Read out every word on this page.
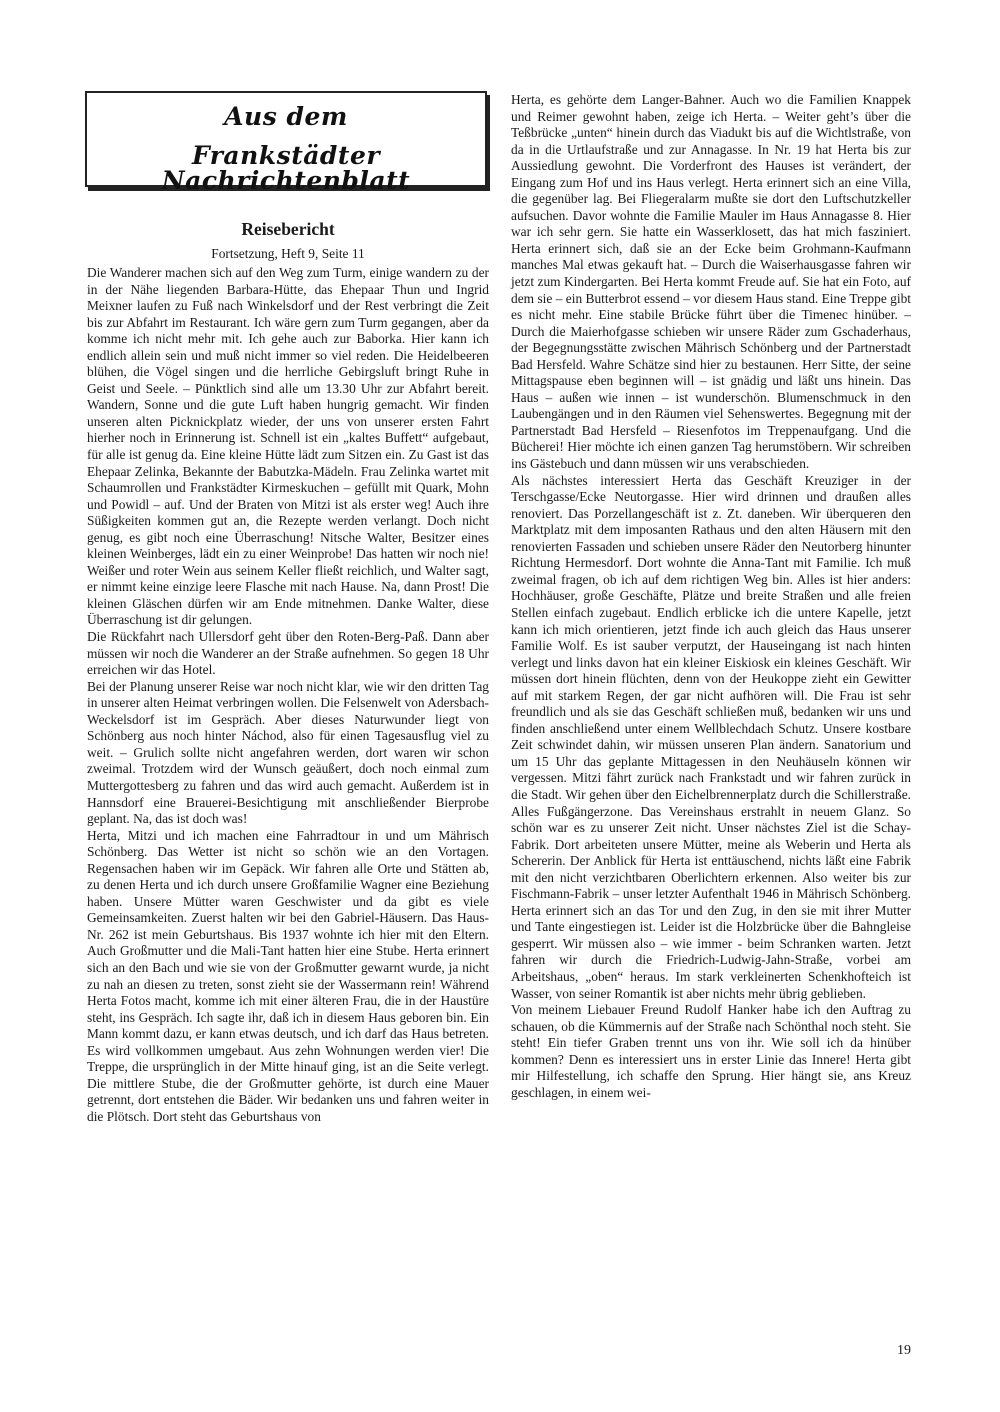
Aus dem
Frankstädter Nachrichtenblatt
Reisebericht
Fortsetzung, Heft 9, Seite 11

Die Wanderer machen sich auf den Weg zum Turm, einige wandern zu der in der Nähe liegenden Barbara-Hütte, das Ehepaar Thun und Ingrid Meixner laufen zu Fuß nach Winkelsdorf und der Rest verbringt die Zeit bis zur Abfahrt im Restaurant. Ich wäre gern zum Turm gegangen, aber da komme ich nicht mehr mit. Ich gehe auch zur Baborka. Hier kann ich endlich allein sein und muß nicht immer so viel reden. Die Heidelbeeren blühen, die Vögel singen und die herrliche Gebirgsluft bringt Ruhe in Geist und Seele. – Pünktlich sind alle um 13.30 Uhr zur Abfahrt bereit. Wandern, Sonne und die gute Luft haben hungrig gemacht. Wir finden unseren alten Picknickplatz wieder, der uns von unserer ersten Fahrt hierher noch in Erinnerung ist. Schnell ist ein „kaltes Buffett“ aufgebaut, für alle ist genug da. Eine kleine Hütte lädt zum Sitzen ein. Zu Gast ist das Ehepaar Zelinka, Bekannte der Babutzka-Mädeln. Frau Zelinka wartet mit Schaumrollen und Frankstädter Kirmeskuchen – gefüllt mit Quark, Mohn und Powidl – auf. Und der Braten von Mitzi ist als erster weg! Auch ihre Süßigkeiten kommen gut an, die Rezepte werden verlangt. Doch nicht genug, es gibt noch eine Überraschung! Nitsche Walter, Besitzer eines kleinen Weinberges, lädt ein zu einer Weinprobe! Das hatten wir noch nie! Weißer und roter Wein aus seinem Keller fließt reichlich, und Walter sagt, er nimmt keine einzige leere Flasche mit nach Hause. Na, dann Prost! Die kleinen Gläschen dürfen wir am Ende mitnehmen. Danke Walter, diese Überraschung ist dir gelungen.

Die Rückfahrt nach Ullersdorf geht über den Roten-Berg-Paß. Dann aber müssen wir noch die Wanderer an der Straße aufnehmen. So gegen 18 Uhr erreichen wir das Hotel.

Bei der Planung unserer Reise war noch nicht klar, wie wir den dritten Tag in unserer alten Heimat verbringen wollen. Die Felsenwelt von Adersbach-Weckelsdorf ist im Gespräch. Aber dieses Naturwunder liegt von Schönberg aus noch hinter Náchod, also für einen Tagesausflug viel zu weit. – Grulich sollte nicht angefahren werden, dort waren wir schon zweimal. Trotzdem wird der Wunsch geäußert, doch noch einmal zum Muttergottesberg zu fahren und das wird auch gemacht. Außerdem ist in Hannsdorf eine Brauerei-Besichtigung mit anschließender Bierprobe geplant. Na, das ist doch was!

Herta, Mitzi und ich machen eine Fahrradtour in und um Mährisch Schönberg. Das Wetter ist nicht so schön wie an den Vortagen. Regensachen haben wir im Gepäck. Wir fahren alle Orte und Stätten ab, zu denen Herta und ich durch unsere Großfamilie Wagner eine Beziehung haben. Unsere Mütter waren Geschwister und da gibt es viele Gemeinsamkeiten. Zuerst halten wir bei den Gabriel-Häusern. Das Haus-Nr. 262 ist mein Geburtshaus. Bis 1937 wohnte ich hier mit den Eltern. Auch Großmutter und die Mali-Tant hatten hier eine Stube. Herta erinnert sich an den Bach und wie sie von der Großmutter gewarnt wurde, ja nicht zu nah an diesen zu treten, sonst zieht sie der Wassermann rein! Während Herta Fotos macht, komme ich mit einer älteren Frau, die in der Haustüre steht, ins Gespräch. Ich sagte ihr, daß ich in diesem Haus geboren bin. Ein Mann kommt dazu, er kann etwas deutsch, und ich darf das Haus betreten. Es wird vollkommen umgebaut. Aus zehn Wohnungen werden vier! Die Treppe, die ursprünglich in der Mitte hinauf ging, ist an die Seite verlegt. Die mittlere Stube, die der Großmutter gehörte, ist durch eine Mauer getrennt, dort entstehen die Bäder. Wir bedanken uns und fahren weiter in die Plötsch. Dort steht das Geburtshaus von

Herta, es gehörte dem Langer-Bahner. Auch wo die Familien Knappek und Reimer gewohnt haben, zeige ich Herta. – Weiter geht’s über die Teßbrücke „unten“ hinein durch das Viadukt bis auf die Wichtlstraße, von da in die Urtlaufstraße und zur Annagasse. In Nr. 19 hat Herta bis zur Aussiedlung gewohnt. Die Vorderfront des Hauses ist verändert, der Eingang zum Hof und ins Haus verlegt. Herta erinnert sich an eine Villa, die gegenüber lag. Bei Fliegeralarm mußte sie dort den Luftschutzkeller aufsuchen. Davor wohnte die Familie Mauler im Haus Annagasse 8. Hier war ich sehr gern. Sie hatte ein Wasserklosett, das hat mich fasziniert. Herta erinnert sich, daß sie an der Ecke beim Grohmann-Kaufmann manches Mal etwas gekauft hat. – Durch die Waiserhausgasse fahren wir jetzt zum Kindergarten. Bei Herta kommt Freude auf. Sie hat ein Foto, auf dem sie – ein Butterbrot essend – vor diesem Haus stand. Eine Treppe gibt es nicht mehr. Eine stabile Brücke führt über die Timenec hinüber. – Durch die Maierhofgasse schieben wir unsere Räder zum Gschaderhaus, der Begegnungsstätte zwischen Mährisch Schönberg und der Partnerstadt Bad Hersfeld. Wahre Schätze sind hier zu bestaunen. Herr Sitte, der seine Mittagspause eben beginnen will – ist gnädig und läßt uns hinein. Das Haus – außen wie innen – ist wunderschön. Blumenschmuck in den Laubengängen und in den Räumen viel Sehenswertes. Begegnung mit der Partnerstadt Bad Hersfeld – Riesenfotos im Treppenaufgang. Und die Bücherei! Hier möchte ich einen ganzen Tag herumstöbern. Wir schreiben ins Gästebuch und dann müssen wir uns verabschieden.

Als nächstes interessiert Herta das Geschäft Kreuziger in der Terschgasse/Ecke Neutorgasse. Hier wird drinnen und draußen alles renoviert. Das Porzellangeschäft ist z. Zt. daneben. Wir überqueren den Marktplatz mit dem imposanten Rathaus und den alten Häusern mit den renovierten Fassaden und schieben unsere Räder den Neutorberg hinunter Richtung Hermesdorf. Dort wohnte die Anna-Tant mit Familie. Ich muß zweimal fragen, ob ich auf dem richtigen Weg bin. Alles ist hier anders: Hochhäuser, große Geschäfte, Plätze und breite Straßen und alle freien Stellen einfach zugebaut. Endlich erblicke ich die untere Kapelle, jetzt kann ich mich orientieren, jetzt finde ich auch gleich das Haus unserer Familie Wolf. Es ist sauber verputzt, der Hauseingang ist nach hinten verlegt und links davon hat ein kleiner Eiskiosk ein kleines Geschäft. Wir müssen dort hinein flüchten, denn von der Heukoppe zieht ein Gewitter auf mit starkem Regen, der gar nicht aufhören will. Die Frau ist sehr freundlich und als sie das Geschäft schließen muß, bedanken wir uns und finden anschließend unter einem Wellblechdach Schutz. Unsere kostbare Zeit schwindet dahin, wir müssen unseren Plan ändern. Sanatorium und um 15 Uhr das geplante Mittagessen in den Neuhäuseln können wir vergessen. Mitzi fährt zurück nach Frankstadt und wir fahren zurück in die Stadt. Wir gehen über den Eichelbrennerplatz durch die Schillerstraße. Alles Fußgängerzone. Das Vereinshaus erstrahlt in neuem Glanz. So schön war es zu unserer Zeit nicht. Unser nächstes Ziel ist die Schay-Fabrik. Dort arbeiteten unsere Mütter, meine als Weberin und Herta als Schererin. Der Anblick für Herta ist enttäuschend, nichts läßt eine Fabrik mit den nicht verzichtbaren Oberlichtern erkennen. Also weiter bis zur Fischmann-Fabrik – unser letzter Aufenthalt 1946 in Mährisch Schönberg. Herta erinnert sich an das Tor und den Zug, in den sie mit ihrer Mutter und Tante eingestiegen ist. Leider ist die Holzbrücke über die Bahngleise gesperrt. Wir müssen also – wie immer - beim Schranken warten. Jetzt fahren wir durch die Friedrich-Ludwig-Jahn-Straße, vorbei am Arbeitshaus, „oben“ heraus. Im stark verkleinerten Schenkhofteich ist Wasser, von seiner Romantik ist aber nichts mehr übrig geblieben.

Von meinem Liebauer Freund Rudolf Hanker habe ich den Auftrag zu schauen, ob die Kümmernis auf der Straße nach Schönthal noch steht. Sie steht! Ein tiefer Graben trennt uns von ihr. Wie soll ich da hinüber kommen? Denn es interessiert uns in erster Linie das Innere! Herta gibt mir Hilfestellung, ich schaffe den Sprung. Hier hängt sie, ans Kreuz geschlagen, in einem wei-

19
